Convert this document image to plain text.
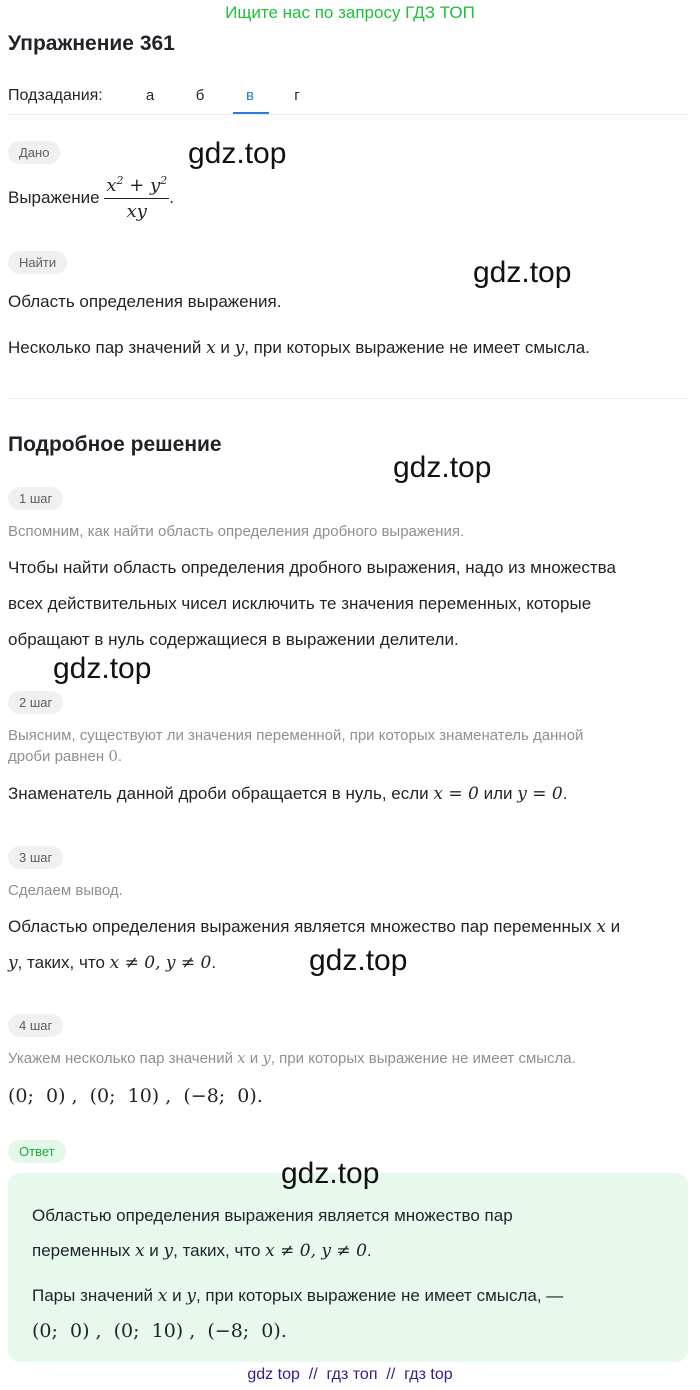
Ищите нас по запросу ГДЗ ТОП
Упражнение 361
Подзадания:	а	б	в	г
Дано	gdz.top
Выражение $\frac{x^2 + y^2}{xy}$ .
Найти	gdz.top
Область определения выражения.
Несколько пар значений x и y, при которых выражение не имеет смысла.
Подробное решение
gdz.top
1 шаг
Вспомним, как найти область определения дробного выражения.
Чтобы найти область определения дробного выражения, надо из множества
всех действительных чисел исключить те значения переменных, которые
обращают в нуль содержащиеся в выражении делители.
gdz.top
2 шаг
Выясним, существуют ли значения переменной, при которых знаменатель данной
дроби равнен 0.
Знаменатель данной дроби обращается в нуль, если x = 0 или y = 0.
3 шаг
Сделаем вывод.
Областью определения выражения является множество пар переменных x и
y, таких, что x ≠ 0, y ≠ 0.	gdz.top
4 шаг
Укажем несколько пар значений x и y, при которых выражение не имеет смысла.
(0;  0) ,  (0;  10) ,  (−8;  0).
Ответ
gdz.top
Областью определения выражения является множество пар
переменных x и y, таких, что x ≠ 0, y ≠ 0.
Пары значений x и y, при которых выражение не имеет смысла, —
(0;  0) ,  (0;  10) ,  (−8;  0).
gdz top  //  гдз топ  //  гдз top
